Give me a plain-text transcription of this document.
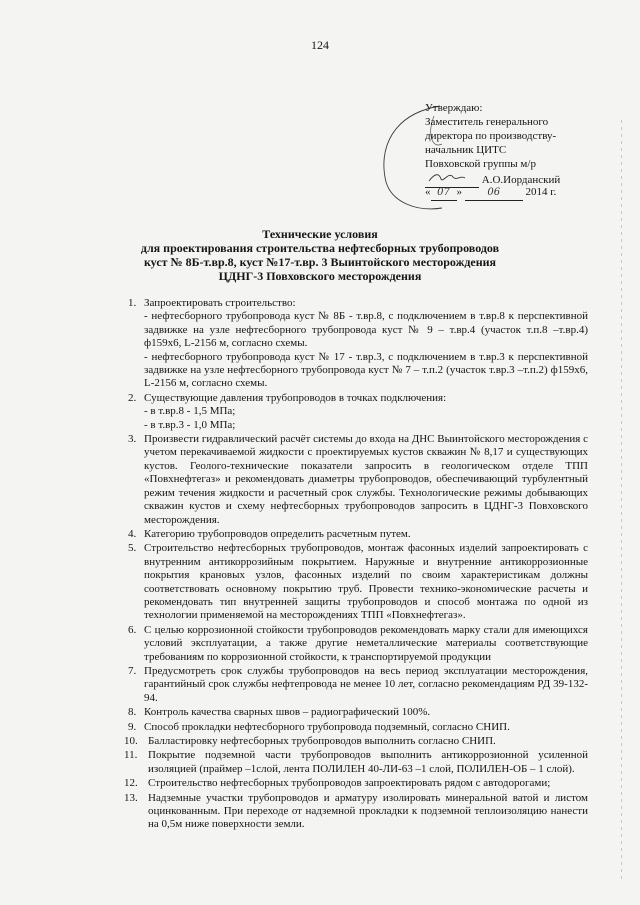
124
Утверждаю:
Заместитель генерального
директора по производству-
начальник ЦИТС
Повховской группы м/р
А.О.Иорданский
« 07 » 06 2014 г.
Технические условия
для проектирования строительства нефтесборных трубопроводов
куст № 8Б-т.вр.8, куст №17-т.вр. 3 Выинтойского месторождения
ЦДНГ-3 Повховского месторождения
1. Запроектировать строительство:
- нефтесборного трубопровода куст № 8Б - т.вр.8, с подключением в т.вр.8 к перспективной задвижке на узле нефтесборного трубопровода куст № 9 – т.вр.4 (участок т.п.8 –т.вр.4) ф159х6, L-2156 м, согласно схемы.
- нефтесборного трубопровода куст № 17 - т.вр.3, с подключением в т.вр.3 к перспективной задвижке на узле нефтесборного трубопровода куст № 7 – т.п.2 (участок т.вр.3 –т.п.2) ф159х6, L-2156 м, согласно схемы.
2. Существующие давления трубопроводов в точках подключения:
- в т.вр.8 - 1,5 МПа;
- в т.вр.3 - 1,0 МПа;
3. Произвести гидравлический расчёт системы до входа на ДНС Выинтойского месторождения с учетом перекачиваемой жидкости с проектируемых кустов скважин № 8,17 и существующих кустов. Геолого-технические показатели запросить в геологическом отделе ТПП «Повхнефтегаз» и рекомендовать диаметры трубопроводов, обеспечивающий турбулентный режим течения жидкости и расчетный срок службы. Технологические режимы добывающих скважин кустов и схему нефтесборных трубопроводов запросить в ЦДНГ-3 Повховского месторождения.
4. Категорию трубопроводов определить расчетным путем.
5. Строительство нефтесборных трубопроводов, монтаж фасонных изделий запроектировать с внутренним антикоррозийным покрытием. Наружные и внутренние антикоррозионные покрытия крановых узлов, фасонных изделий по своим характеристикам должны соответствовать основному покрытию труб. Провести технико-экономические расчеты и рекомендовать тип внутренней защиты трубопроводов и способ монтажа по одной из технологии применяемой на месторождениях ТПП «Повхнефтегаз».
6. С целью коррозионной стойкости трубопроводов рекомендовать марку стали для имеющихся условий эксплуатации, а также другие неметаллические материалы соответствующие требованиям по коррозионной стойкости, к транспортируемой продукции
7. Предусмотреть срок службы трубопроводов на весь период эксплуатации месторождения, гарантийный срок службы нефтепровода не менее 10 лет, согласно рекомендациям РД 39-132-94.
8. Контроль качества сварных швов – радиографический 100%.
9. Способ прокладки нефтесборного трубопровода подземный, согласно СНИП.
10. Балластировку нефтесборных трубопроводов выполнить согласно СНИП.
11. Покрытие подземной части трубопроводов выполнить антикоррозионной усиленной изоляцией (праймер –1слой, лента ПОЛИЛЕН 40-ЛИ-63 –1 слой, ПОЛИЛЕН-ОБ – 1 слой).
12. Строительство нефтесборных трубопроводов запроектировать рядом с автодорогами;
13. Надземные участки трубопроводов и арматуру изолировать минеральной ватой и листом оцинкованным. При переходе от надземной прокладки к подземной теплоизоляцию нанести на 0,5м ниже поверхности земли.
